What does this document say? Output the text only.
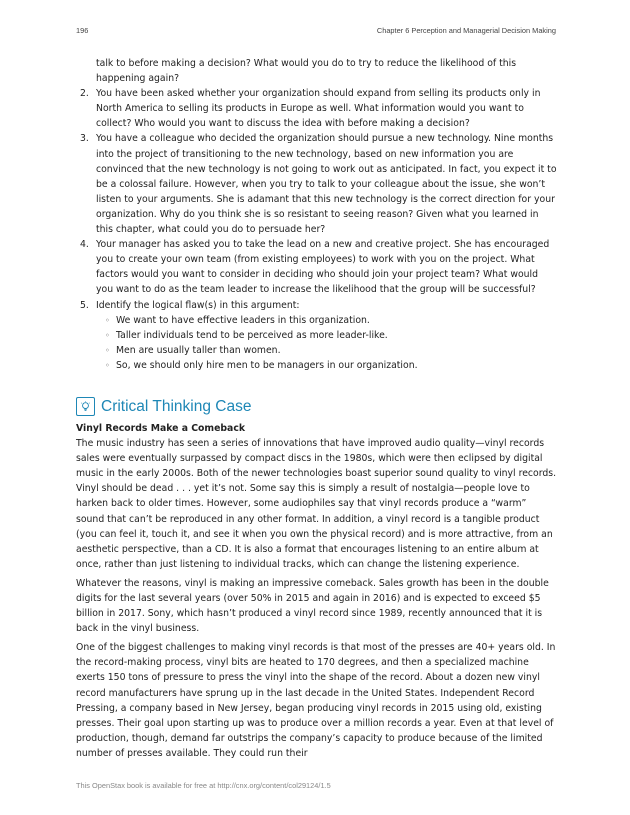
196	Chapter 6 Perception and Managerial Decision Making
talk to before making a decision? What would you do to try to reduce the likelihood of this happening again?
2. You have been asked whether your organization should expand from selling its products only in North America to selling its products in Europe as well. What information would you want to collect? Who would you want to discuss the idea with before making a decision?
3. You have a colleague who decided the organization should pursue a new technology. Nine months into the project of transitioning to the new technology, based on new information you are convinced that the new technology is not going to work out as anticipated. In fact, you expect it to be a colossal failure. However, when you try to talk to your colleague about the issue, she won’t listen to your arguments. She is adamant that this new technology is the correct direction for your organization. Why do you think she is so resistant to seeing reason? Given what you learned in this chapter, what could you do to persuade her?
4. Your manager has asked you to take the lead on a new and creative project. She has encouraged you to create your own team (from existing employees) to work with you on the project. What factors would you want to consider in deciding who should join your project team? What would you want to do as the team leader to increase the likelihood that the group will be successful?
5. Identify the logical flaw(s) in this argument:
◦ We want to have effective leaders in this organization.
◦ Taller individuals tend to be perceived as more leader-like.
◦ Men are usually taller than women.
◦ So, we should only hire men to be managers in our organization.
Critical Thinking Case
Vinyl Records Make a Comeback

The music industry has seen a series of innovations that have improved audio quality—vinyl records sales were eventually surpassed by compact discs in the 1980s, which were then eclipsed by digital music in the early 2000s. Both of the newer technologies boast superior sound quality to vinyl records. Vinyl should be dead . . . yet it’s not. Some say this is simply a result of nostalgia—people love to harken back to older times. However, some audiophiles say that vinyl records produce a “warm” sound that can’t be reproduced in any other format. In addition, a vinyl record is a tangible product (you can feel it, touch it, and see it when you own the physical record) and is more attractive, from an aesthetic perspective, than a CD. It is also a format that encourages listening to an entire album at once, rather than just listening to individual tracks, which can change the listening experience.

Whatever the reasons, vinyl is making an impressive comeback. Sales growth has been in the double digits for the last several years (over 50% in 2015 and again in 2016) and is expected to exceed $5 billion in 2017. Sony, which hasn’t produced a vinyl record since 1989, recently announced that it is back in the vinyl business.

One of the biggest challenges to making vinyl records is that most of the presses are 40+ years old. In the record-making process, vinyl bits are heated to 170 degrees, and then a specialized machine exerts 150 tons of pressure to press the vinyl into the shape of the record. About a dozen new vinyl record manufacturers have sprung up in the last decade in the United States. Independent Record Pressing, a company based in New Jersey, began producing vinyl records in 2015 using old, existing presses. Their goal upon starting up was to produce over a million records a year. Even at that level of production, though, demand far outstrips the company’s capacity to produce because of the limited number of presses available. They could run their

This OpenStax book is available for free at http://cnx.org/content/col29124/1.5
